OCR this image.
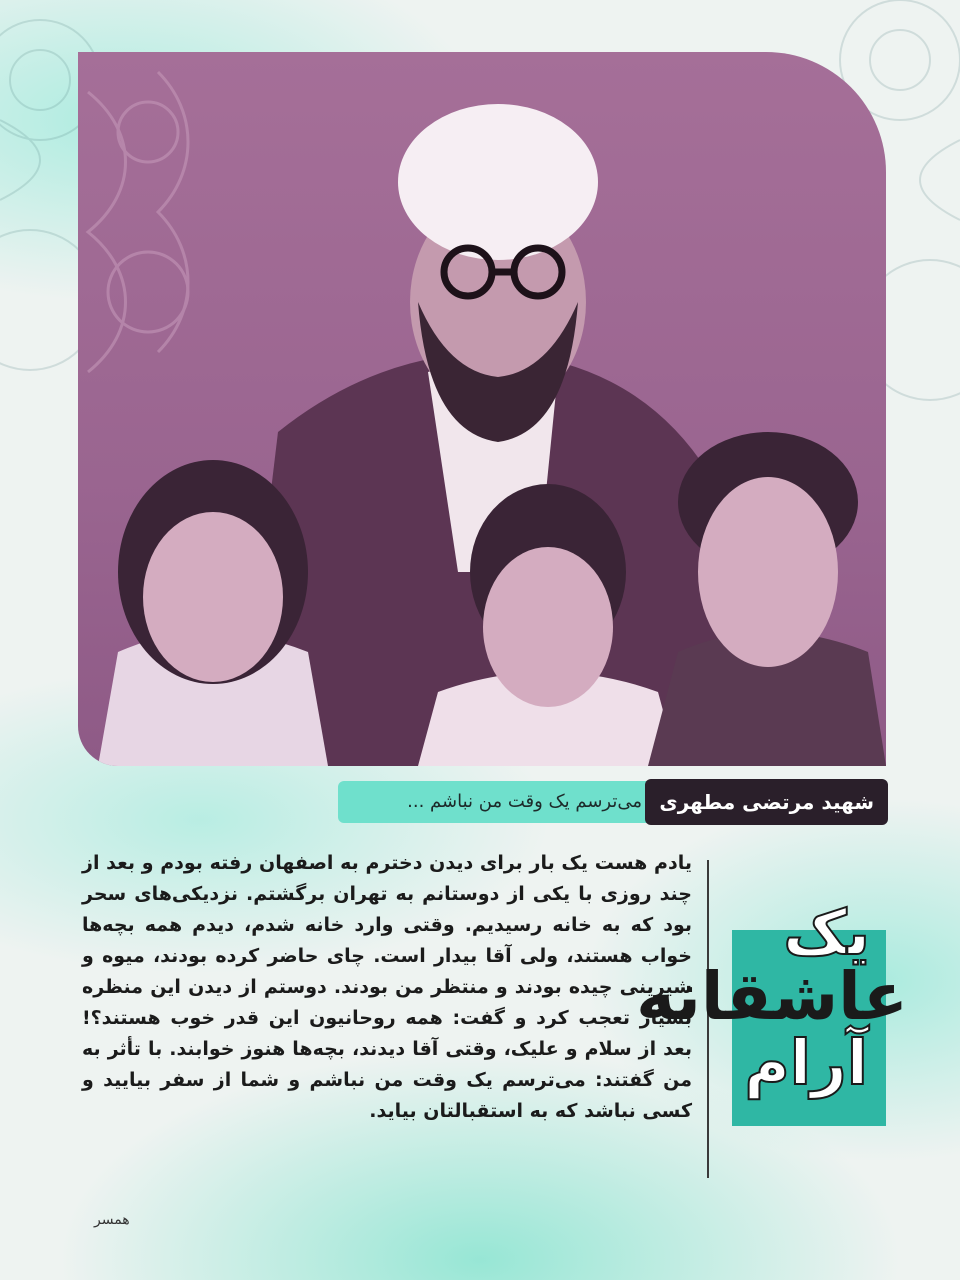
می‌ترسم یک وقت من نباشم ... شهید مرتضی مطهری
یادم هست یک بار برای دیدن دخترم به اصفهان رفته بودم و بعد از چند روزی با یکی از دوستانم به تهران برگشتم. نزدیکی‌های سحر بود که به خانه رسیدیم. وقتی وارد خانه شدم، دیدم همه بچه‌ها خواب هستند، ولی آقا بیدار است. چای حاضر کرده بودند، میوه و شیرینی چیده بودند و منتظر من بودند. دوستم از دیدن این منظره بسیار تعجب کرد و گفت: همه روحانیون این قدر خوب هستند؟! بعد از سلام و علیک، وقتی آقا دیدند، بچه‌ها هنوز خوابند. با تأثر به من گفتند: می‌ترسم یک وقت من نباشم و شما از سفر بیایید و کسی نباشد که به استقبالتان بیاید.
همسر
یک
عاشقانه
آرام
